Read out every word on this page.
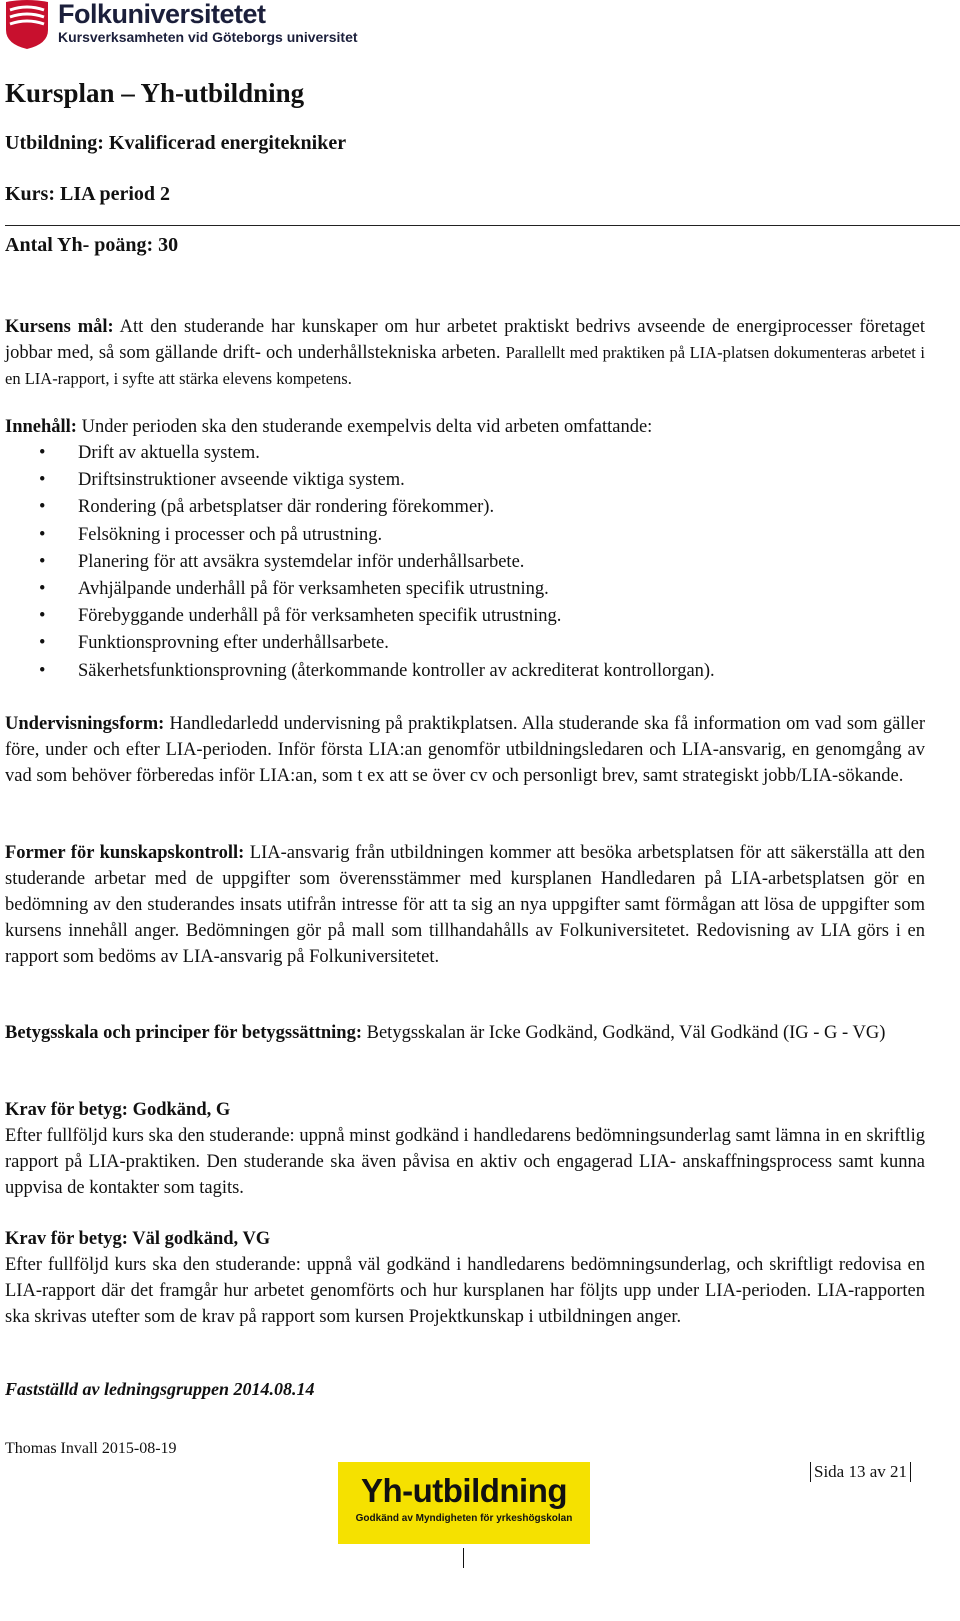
Folkuniversitetet
Kursverksamheten vid Göteborgs universitet
Kursplan – Yh-utbildning
Utbildning: Kvalificerad energitekniker
Kurs: LIA period 2
Antal Yh- poäng: 30
Kursens mål: Att den studerande har kunskaper om hur arbetet praktiskt bedrivs avseende de energiprocesser företaget jobbar med, så som gällande drift- och underhållstekniska arbeten. Parallellt med praktiken på LIA-platsen dokumenteras arbetet i en LIA-rapport, i syfte att stärka elevens kompetens.
Innehåll: Under perioden ska den studerande exempelvis delta vid arbeten omfattande:
• Drift av aktuella system.
• Driftsinstruktioner avseende viktiga system.
• Rondering (på arbetsplatser där rondering förekommer).
• Felsökning i processer och på utrustning.
• Planering för att avsäkra systemdelar inför underhållsarbete.
• Avhjälpande underhåll på för verksamheten specifik utrustning.
• Förebyggande underhåll på för verksamheten specifik utrustning.
• Funktionsprovning efter underhållsarbete.
• Säkerhetsfunktionsprovning (återkommande kontroller av ackrediterat kontrollorgan).
Undervisningsform: Handledarledd undervisning på praktikplatsen. Alla studerande ska få information om vad som gäller före, under och efter LIA-perioden. Inför första LIA:an genomför utbildningsledaren och LIA-ansvarig, en genomgång av vad som behöver förberedas inför LIA:an, som t ex att se över cv och personligt brev, samt strategiskt jobb/LIA-sökande.
Former för kunskapskontroll: LIA-ansvarig från utbildningen kommer att besöka arbetsplatsen för att säkerställa att den studerande arbetar med de uppgifter som överensstämmer med kursplanen Handledaren på LIA-arbetsplatsen gör en bedömning av den studerandes insats utifrån intresse för att ta sig an nya uppgifter samt förmågan att lösa de uppgifter som kursens innehåll anger. Bedömningen gör på mall som tillhandahålls av Folkuniversitetet. Redovisning av LIA görs i en rapport som bedöms av LIA-ansvarig på Folkuniversitetet.
Betygsskala och principer för betygssättning: Betygsskalan är Icke Godkänd, Godkänd, Väl Godkänd (IG - G - VG)
Krav för betyg: Godkänd, G
Efter fullföljd kurs ska den studerande: uppnå minst godkänd i handledarens bedömningsunderlag samt lämna in en skriftlig rapport på LIA-praktiken. Den studerande ska även påvisa en aktiv och engagerad LIA- anskaffningsprocess samt kunna uppvisa de kontakter som tagits.
Krav för betyg: Väl godkänd, VG
Efter fullföljd kurs ska den studerande: uppnå väl godkänd i handledarens bedömningsunderlag, och skriftligt redovisa en LIA-rapport där det framgår hur arbetet genomförts och hur kursplanen har följts upp under LIA-perioden. LIA-rapporten ska skrivas utefter som de krav på rapport som kursen Projektkunskap i utbildningen anger.
Fastställd av ledningsgruppen 2014.08.14
Thomas Invall 2015-08-19
Yh-utbildning
Godkänd av Myndigheten för yrkeshögskolan
Sida 13 av 21
